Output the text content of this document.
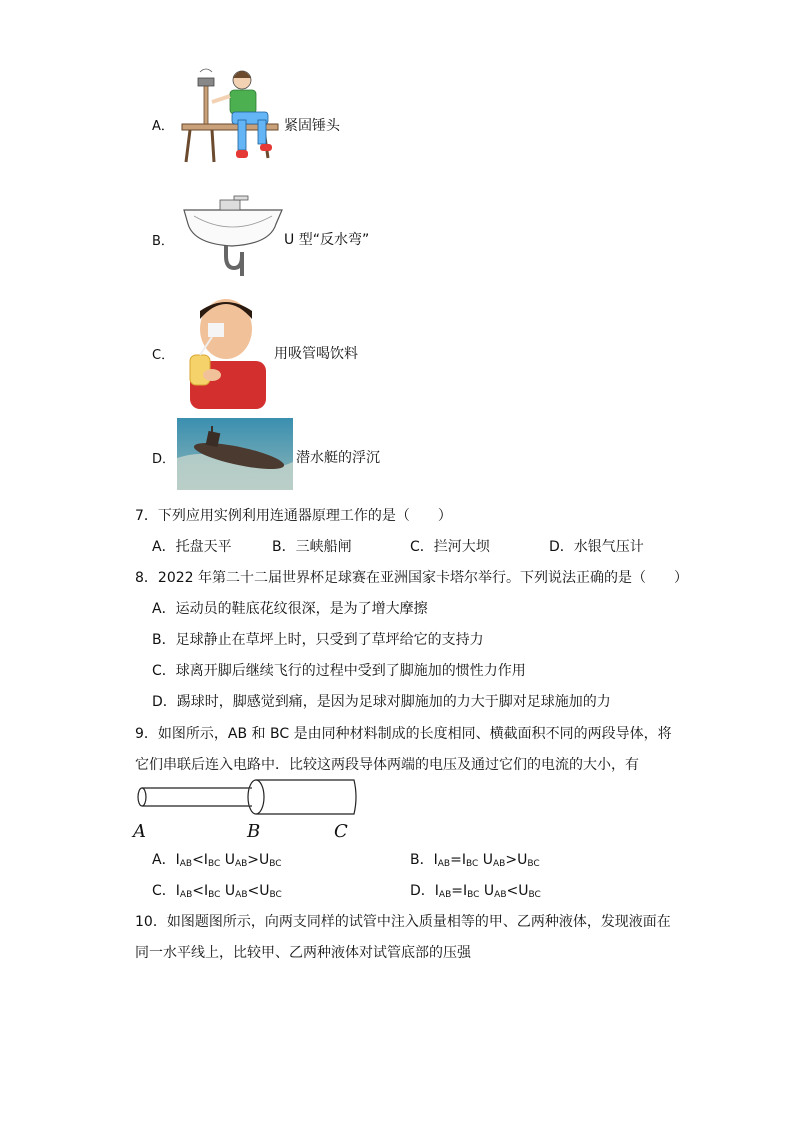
A．	紧固锤头
B．	U 型“反水弯”
C．	用吸管喝饮料
D．	潜水艇的浮沉
7．下列应用实例利用连通器原理工作的是（　　）
A．托盘天平	B．三峡船闸	C．拦河大坝	D．水银气压计
8．2022 年第二十二届世界杯足球赛在亚洲国家卡塔尔举行。下列说法正确的是（　　）
A．运动员的鞋底花纹很深，是为了增大摩擦
B．足球静止在草坪上时，只受到了草坪给它的支持力
C．球离开脚后继续飞行的过程中受到了脚施加的惯性力作用
D．踢球时，脚感觉到痛，是因为足球对脚施加的力大于脚对足球施加的力
9．如图所示，AB 和 BC 是由同种材料制成的长度相同、横截面积不同的两段导体，将
它们串联后连入电路中．比较这两段导体两端的电压及通过它们的电流的大小，有
A	B	C
A．$I_{AB}<I_{BC}$ $U_{AB}>U_{BC}$	B．$I_{AB}=I_{BC}$ $U_{AB}>U_{BC}$
C．$I_{AB}<I_{BC}$ $U_{AB}<U_{BC}$	D．$I_{AB}=I_{BC}$ $U_{AB}<U_{BC}$
10．如图题图所示，向两支同样的试管中注入质量相等的甲、乙两种液体，发现液面在
同一水平线上，比较甲、乙两种液体对试管底部的压强
